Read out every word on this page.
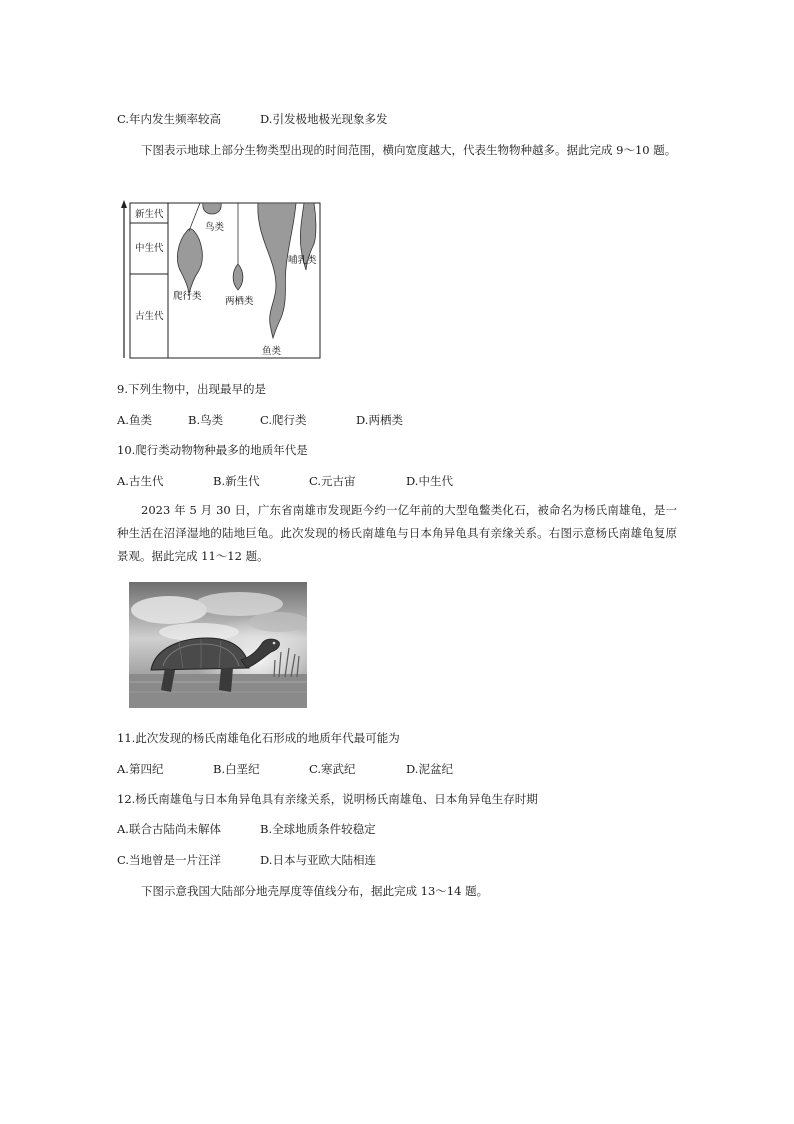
C.年内发生频率较高	D.引发极地极光现象多发
下图表示地球上部分生物类型出现的时间范围，横向宽度越大，代表生物物种越多。据此完成 9～10 题。
新生代
中生代
古生代
鸟类
哺乳类
爬行类 两栖类
鱼类
9.下列生物中，出现最早的是
A.鱼类	B.鸟类	C.爬行类	D.两栖类
10.爬行类动物物种最多的地质年代是
A.古生代	B.新生代	C.元古宙	D.中生代
2023 年 5 月 30 日，广东省南雄市发现距今约一亿年前的大型龟鳖类化石，被命名为杨氏南雄龟，是一种生活在沼泽湿地的陆地巨龟。此次发现的杨氏南雄龟与日本角异龟具有亲缘关系。右图示意杨氏南雄龟复原景观。据此完成 11～12 题。
11.此次发现的杨氏南雄龟化石形成的地质年代最可能为
A.第四纪	B.白垩纪	C.寒武纪	D.泥盆纪
12.杨氏南雄龟与日本角异龟具有亲缘关系，说明杨氏南雄龟、日本角异龟生存时期
A.联合古陆尚未解体	B.全球地质条件较稳定
C.当地曾是一片汪洋	D.日本与亚欧大陆相连
下图示意我国大陆部分地壳厚度等值线分布，据此完成 13～14 题。
